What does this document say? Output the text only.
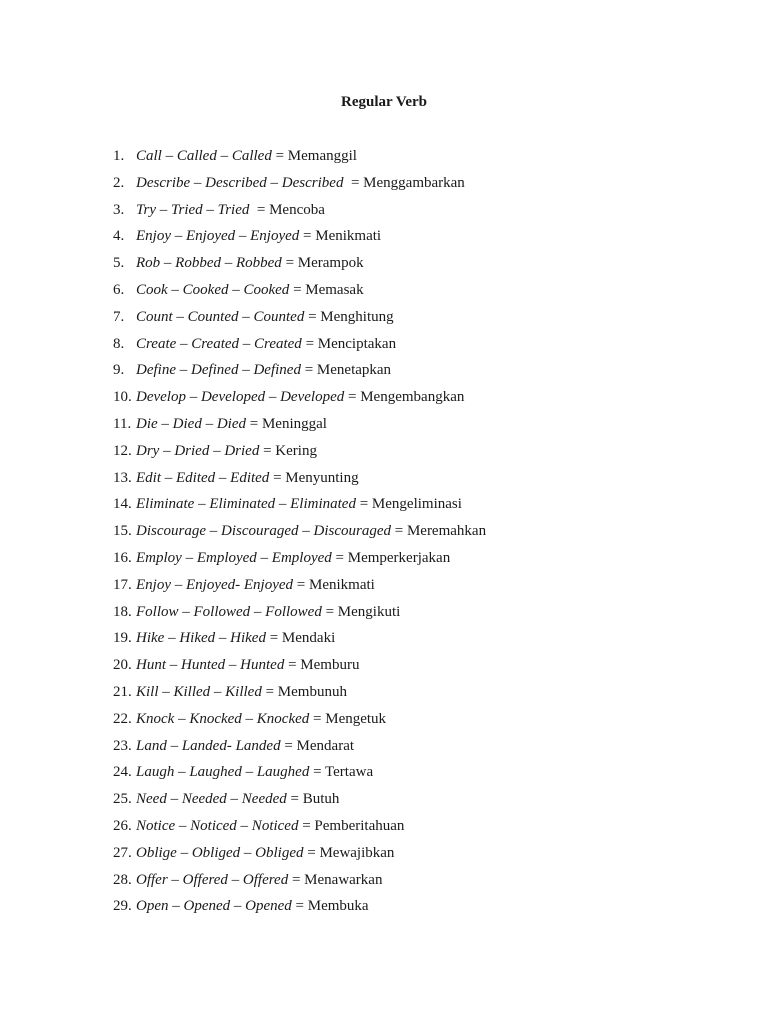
Regular Verb
1. Call – Called – Called = Memanggil
2. Describe – Described – Described  = Menggambarkan
3. Try – Tried – Tried  = Mencoba
4. Enjoy – Enjoyed – Enjoyed = Menikmati
5. Rob – Robbed – Robbed = Merampok
6. Cook – Cooked – Cooked = Memasak
7. Count – Counted – Counted = Menghitung
8. Create – Created – Created = Menciptakan
9. Define – Defined – Defined = Menetapkan
10. Develop – Developed – Developed = Mengembangkan
11. Die – Died – Died = Meninggal
12. Dry – Dried – Dried = Kering
13. Edit – Edited – Edited = Menyunting
14. Eliminate – Eliminated – Eliminated = Mengeliminasi
15. Discourage – Discouraged – Discouraged = Meremahkan
16. Employ – Employed – Employed = Memperkerjakan
17. Enjoy – Enjoyed- Enjoyed = Menikmati
18. Follow – Followed – Followed = Mengikuti
19. Hike – Hiked – Hiked = Mendaki
20. Hunt – Hunted – Hunted = Memburu
21. Kill – Killed – Killed = Membunuh
22. Knock – Knocked – Knocked = Mengetuk
23. Land – Landed- Landed = Mendarat
24. Laugh – Laughed – Laughed = Tertawa
25. Need – Needed – Needed = Butuh
26. Notice – Noticed – Noticed = Pemberitahuan
27. Oblige – Obliged – Obliged = Mewajibkan
28. Offer – Offered – Offered = Menawarkan
29. Open – Opened – Opened = Membuka
